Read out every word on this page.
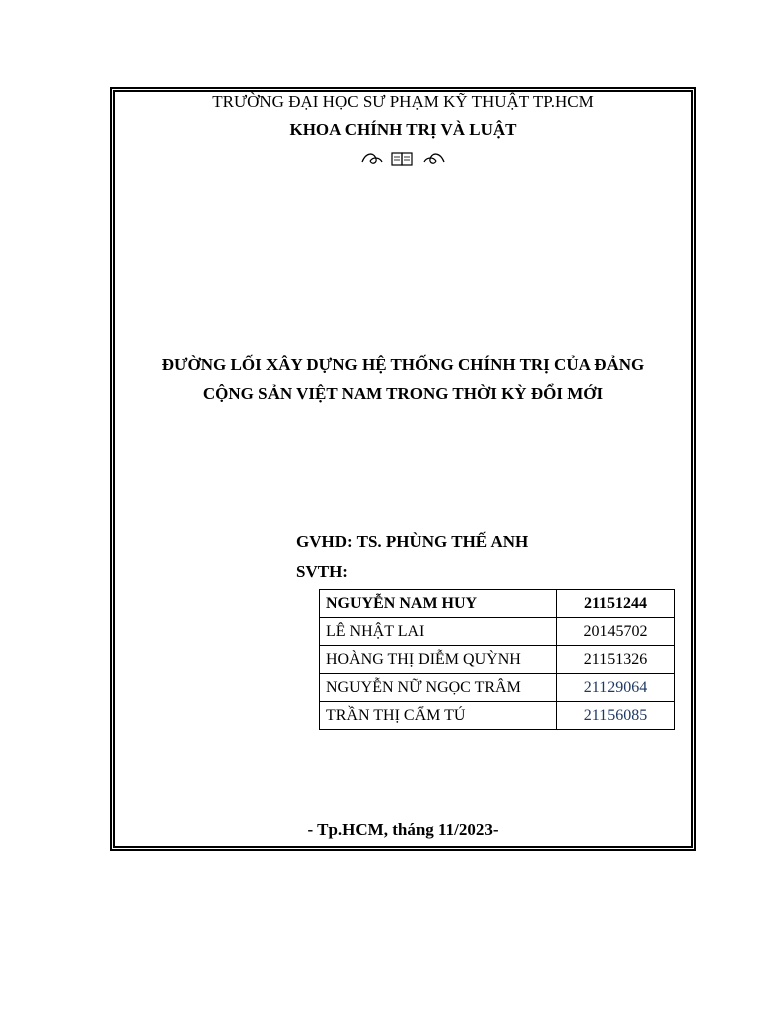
TRƯỜNG ĐẠI HỌC SƯ PHẠM KỸ THUẬT TP.HCM
KHOA CHÍNH TRỊ VÀ LUẬT
ĐƯỜNG LỐI XÂY DỰNG HỆ THỐNG CHÍNH TRỊ CỦA ĐẢNG
CỘNG SẢN VIỆT NAM TRONG THỜI KỲ ĐỔI MỚI
GVHD: TS. PHÙNG THẾ ANH
SVTH:
NGUYỄN NAM HUY	21151244
LÊ NHẬT LAI	20145702
HOÀNG THỊ DIỄM QUỲNH	21151326
NGUYỄN NỮ NGỌC TRÂM	21129064
TRẦN THỊ CẨM TÚ	21156085
- Tp.HCM, tháng 11/2023-
